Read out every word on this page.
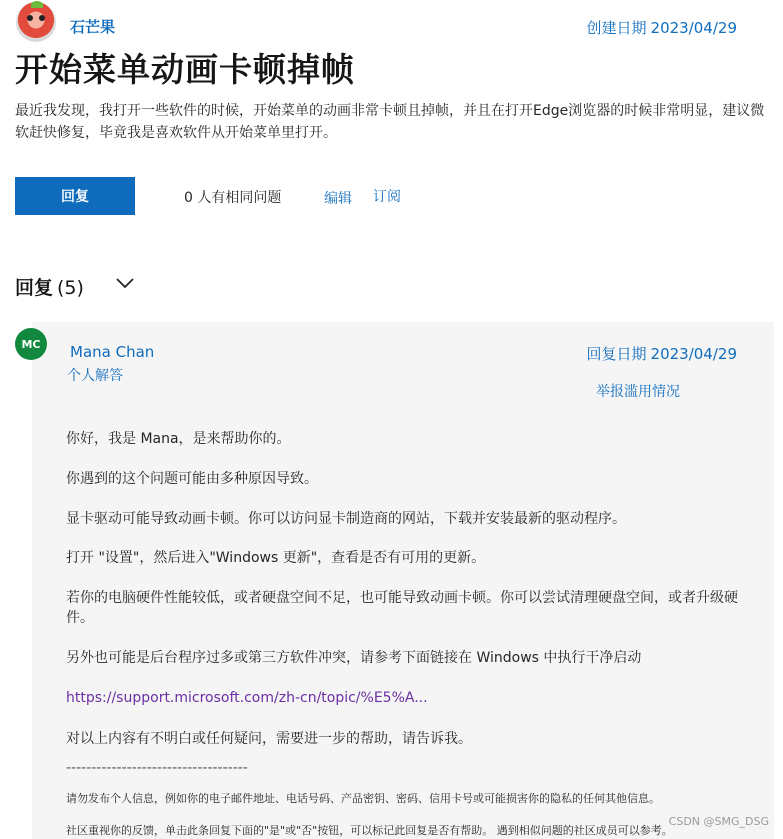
石芒果	创建日期 2023/04/29
开始菜单动画卡顿掉帧

最近我发现，我打开一些软件的时候，开始菜单的动画非常卡顿且掉帧，并且在打开Edge浏览器的时候非常明显，建议微软赶快修复，毕竟我是喜欢软件从开始菜单里打开。

回复	0 人有相同问题	编辑 订阅
回复 (5)
MC	Mana Chan
个人解答
回复日期 2023/04/29
举报滥用情况

你好，我是 Mana，是来帮助你的。

你遇到的这个问题可能由多种原因导致。

显卡驱动可能导致动画卡顿。你可以访问显卡制造商的网站，下载并安装最新的驱动程序。

打开 "设置"，然后进入"Windows 更新"，查看是否有可用的更新。

若你的电脑硬件性能较低，或者硬盘空间不足，也可能导致动画卡顿。你可以尝试清理硬盘空间，或者升级硬件。

另外也可能是后台程序过多或第三方软件冲突，请参考下面链接在 Windows 中执行干净启动

https://support.microsoft.com/zh-cn/topic/%E5%A...

对以上内容有不明白或任何疑问，需要进一步的帮助，请告诉我。

------------------------------------

请勿发布个人信息，例如你的电子邮件地址、电话号码、产品密钥、密码、信用卡号或可能损害你的隐私的任何其他信息。

社区重视你的反馈，单击此条回复下面的"是"或"否"按钮，可以标记此回复是否有帮助。 遇到相似问题的社区成员可以参考。

CSDN @SMG_DSG
